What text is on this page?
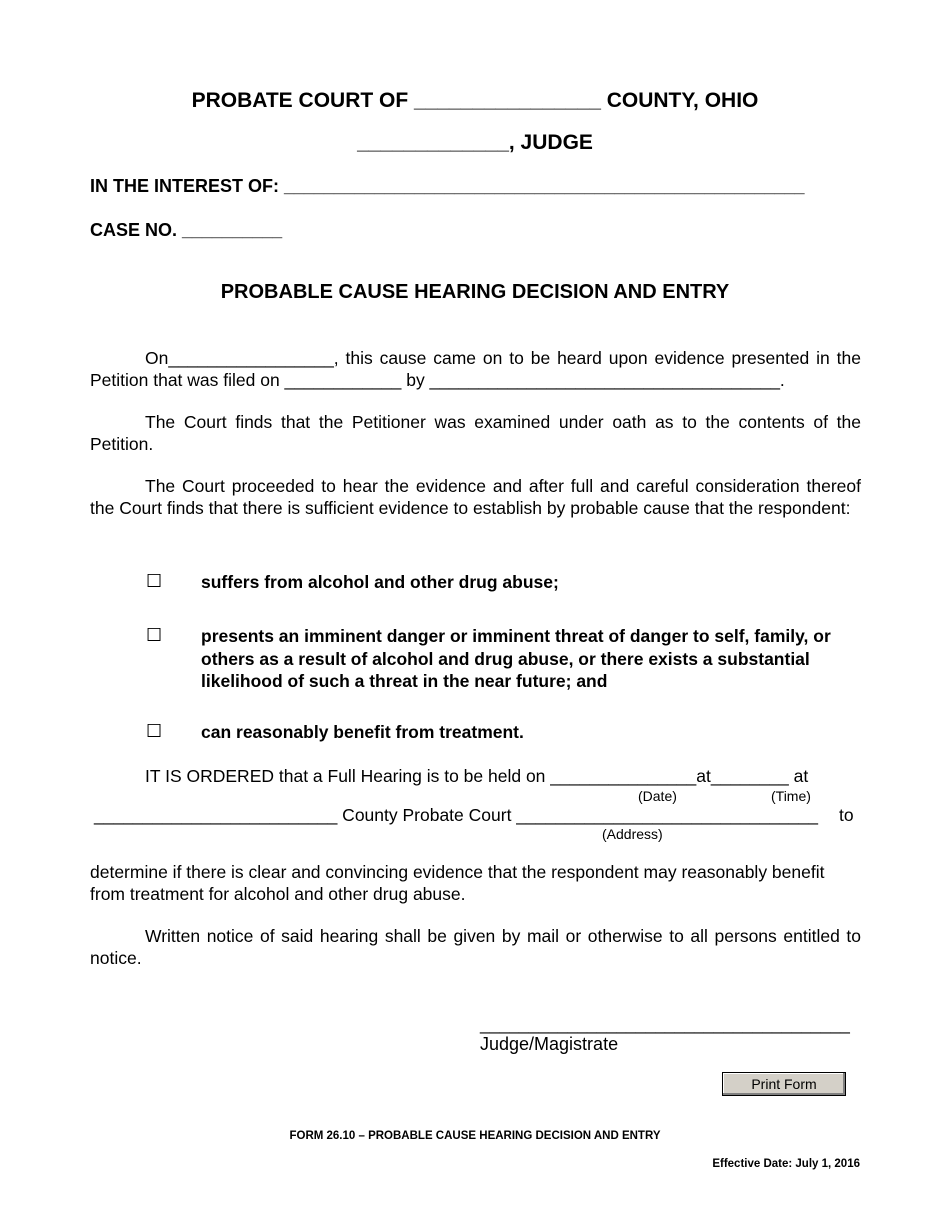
PROBATE COURT OF ________________ COUNTY, OHIO
_____________, JUDGE
IN THE INTEREST OF: ____________________________________________________
CASE NO. __________
PROBABLE CAUSE HEARING DECISION AND ENTRY
On_________________, this cause came on to be heard upon evidence presented in the Petition that was filed on ____________ by ____________________________________.
The Court finds that the Petitioner was examined under oath as to the contents of the Petition.
The Court proceeded to hear the evidence and after full and careful consideration thereof the Court finds that there is sufficient evidence to establish by probable cause that the respondent:
☐ suffers from alcohol and other drug abuse;
☐ presents an imminent danger or imminent threat of danger to self, family, or others as a result of alcohol and drug abuse, or there exists a substantial likelihood of such a threat in the near future; and
☐ can reasonably benefit from treatment.
IT IS ORDERED that a Full Hearing is to be held on _______________at________ at
(Date)	(Time)
_________________________ County Probate Court _______________________________ to
(Address)
determine if there is clear and convincing evidence that the respondent may reasonably benefit from treatment for alcohol and other drug abuse.
Written notice of said hearing shall be given by mail or otherwise to all persons entitled to notice.
______________________________________
Judge/Magistrate
Print Form
FORM 26.10 – PROBABLE CAUSE HEARING DECISION AND ENTRY
Effective Date: July 1, 2016
